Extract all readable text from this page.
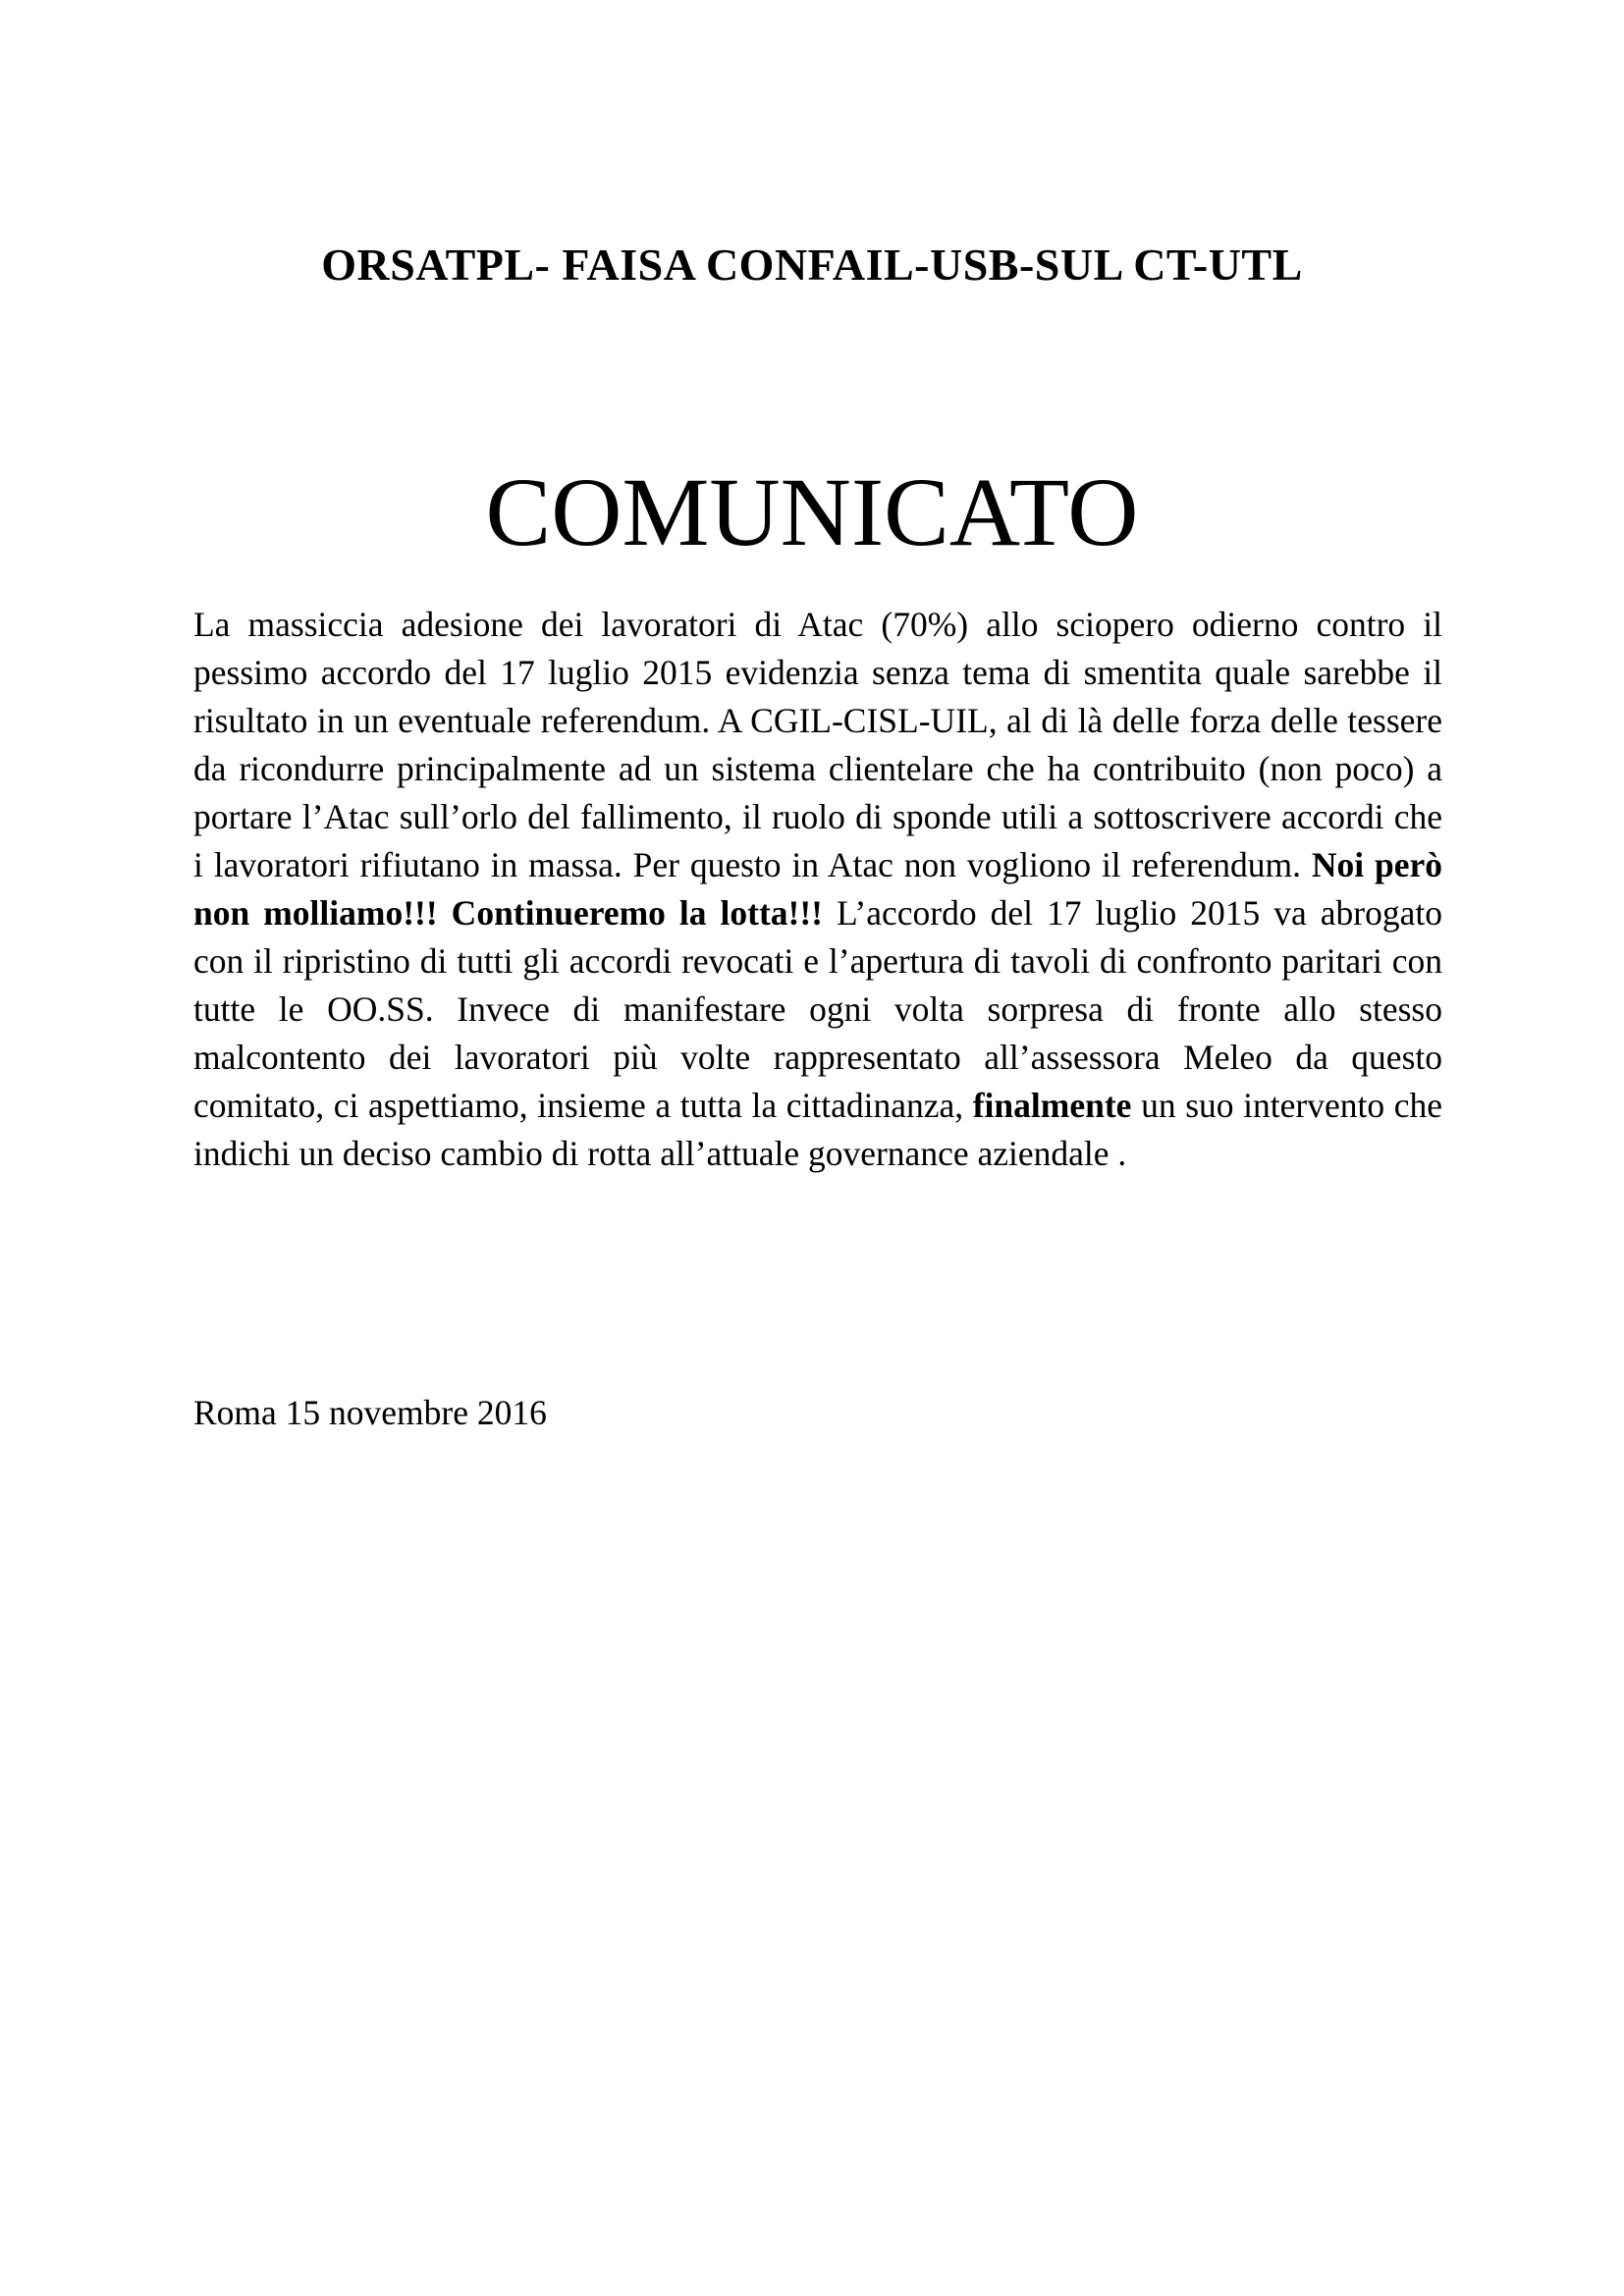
ORSATPL- FAISA CONFAIL-USB-SUL CT-UTL
COMUNICATO

La massiccia adesione dei lavoratori di Atac (70%) allo sciopero odierno contro il pessimo accordo del 17 luglio 2015 evidenzia senza tema di smentita quale sarebbe il risultato in un eventuale referendum. A CGIL-CISL-UIL, al di là delle forza delle tessere da ricondurre principalmente ad un sistema clientelare che ha contribuito (non poco) a portare l’Atac sull’orlo del fallimento, il ruolo di sponde utili a sottoscrivere accordi che i lavoratori rifiutano in massa. Per questo in Atac non vogliono il referendum. Noi però non molliamo!!! Continueremo la lotta!!! L’accordo del 17 luglio 2015 va abrogato con il ripristino di tutti gli accordi revocati e l’apertura di tavoli di confronto paritari con tutte le OO.SS. Invece di manifestare ogni volta sorpresa di fronte allo stesso malcontento dei lavoratori più volte rappresentato all’assessora Meleo da questo comitato, ci aspettiamo, insieme a tutta la cittadinanza, finalmente un suo intervento che indichi un deciso cambio di rotta all’attuale governance aziendale .

Roma 15 novembre 2016
